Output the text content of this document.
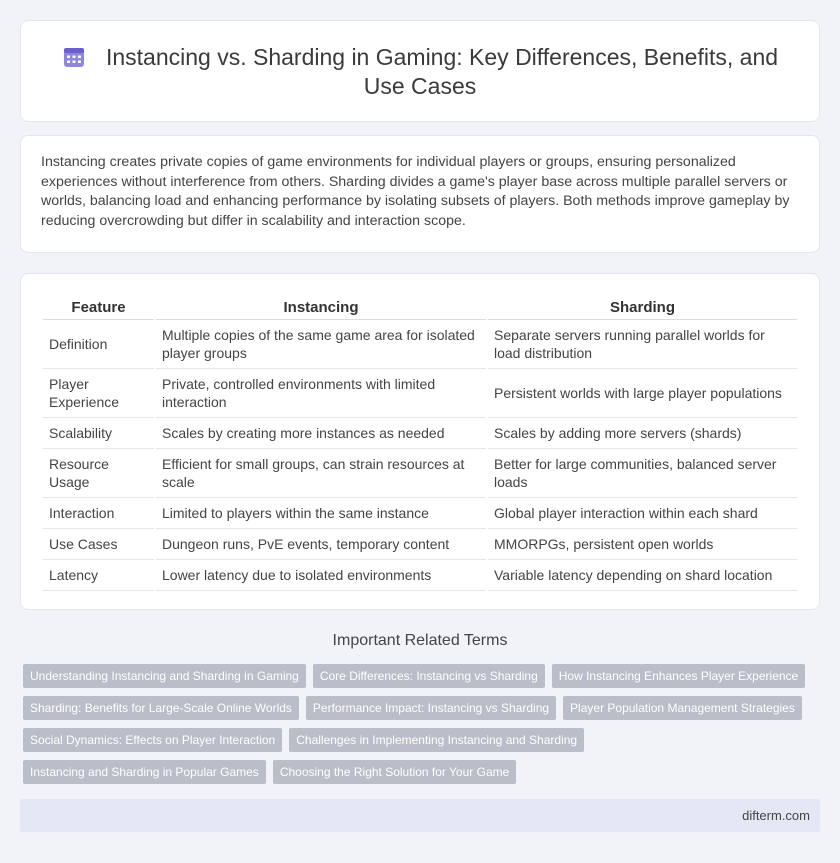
Instancing vs. Sharding in Gaming: Key Differences, Benefits, and Use Cases

Instancing creates private copies of game environments for individual players or groups, ensuring personalized experiences without interference from others. Sharding divides a game's player base across multiple parallel servers or worlds, balancing load and enhancing performance by isolating subsets of players. Both methods improve gameplay by reducing overcrowding but differ in scalability and interaction scope.

Feature	Instancing	Sharding
Definition	Multiple copies of the same game area for isolated player groups	Separate servers running parallel worlds for load distribution
Player Experience	Private, controlled environments with limited interaction	Persistent worlds with large player populations
Scalability	Scales by creating more instances as needed	Scales by adding more servers (shards)
Resource Usage	Efficient for small groups, can strain resources at scale	Better for large communities, balanced server loads
Interaction	Limited to players within the same instance	Global player interaction within each shard
Use Cases	Dungeon runs, PvE events, temporary content	MMORPGs, persistent open worlds
Latency	Lower latency due to isolated environments	Variable latency depending on shard location
Important Related Terms
Understanding Instancing and Sharding in Gaming	Core Differences: Instancing vs Sharding	How Instancing Enhances Player Experience
Sharding: Benefits for Large-Scale Online Worlds	Performance Impact: Instancing vs Sharding	Player Population Management Strategies
Social Dynamics: Effects on Player Interaction	Challenges in Implementing Instancing and Sharding
Instancing and Sharding in Popular Games	Choosing the Right Solution for Your Game
difterm.com
